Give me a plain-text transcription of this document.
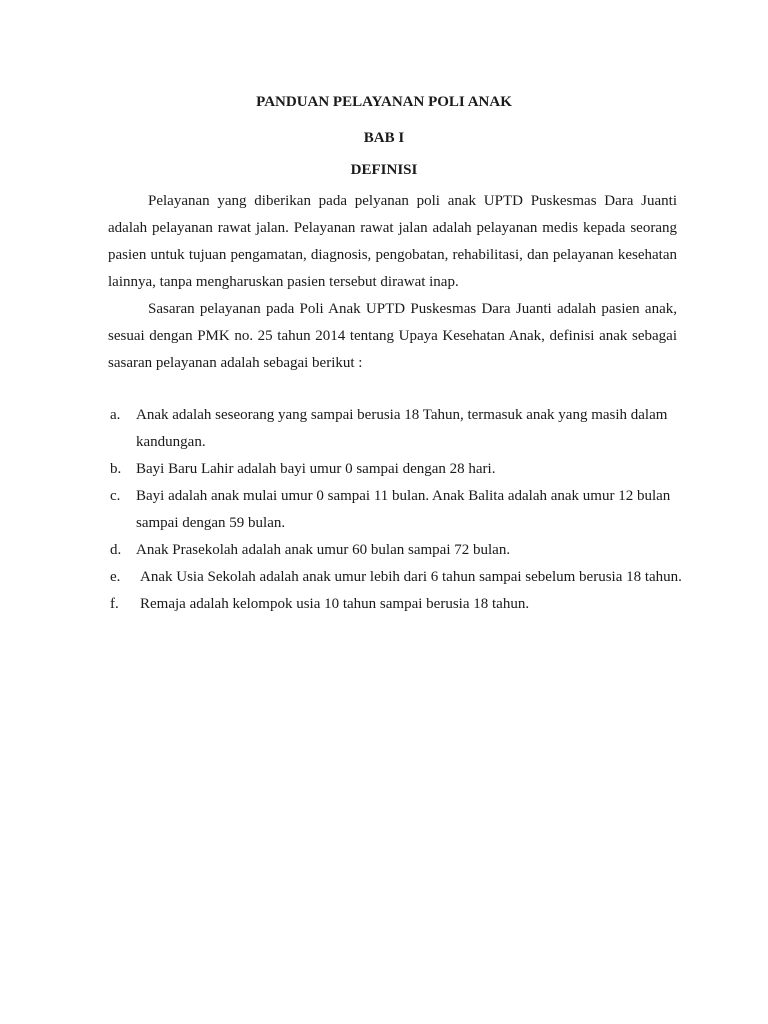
PANDUAN PELAYANAN POLI ANAK
BAB I
DEFINISI

Pelayanan yang diberikan pada pelyanan poli anak UPTD Puskesmas Dara Juanti adalah pelayanan rawat jalan. Pelayanan rawat jalan adalah pelayanan medis kepada seorang pasien untuk tujuan pengamatan, diagnosis, pengobatan, rehabilitasi, dan pelayanan kesehatan lainnya, tanpa mengharuskan pasien tersebut dirawat inap.

Sasaran pelayanan pada Poli Anak UPTD Puskesmas Dara Juanti adalah pasien anak, sesuai dengan PMK no. 25 tahun 2014 tentang Upaya Kesehatan Anak, definisi anak sebagai sasaran pelayanan adalah sebagai berikut :

a. Anak adalah seseorang yang sampai berusia 18 Tahun, termasuk anak yang masih dalam kandungan.
b. Bayi Baru Lahir adalah bayi umur 0 sampai dengan 28 hari.
c. Bayi adalah anak mulai umur 0 sampai 11 bulan. Anak Balita adalah anak umur 12 bulan sampai dengan 59 bulan.
d. Anak Prasekolah adalah anak umur 60 bulan sampai 72 bulan.
e. Anak Usia Sekolah adalah anak umur lebih dari 6 tahun sampai sebelum berusia 18 tahun.
f. Remaja adalah kelompok usia 10 tahun sampai berusia 18 tahun.
